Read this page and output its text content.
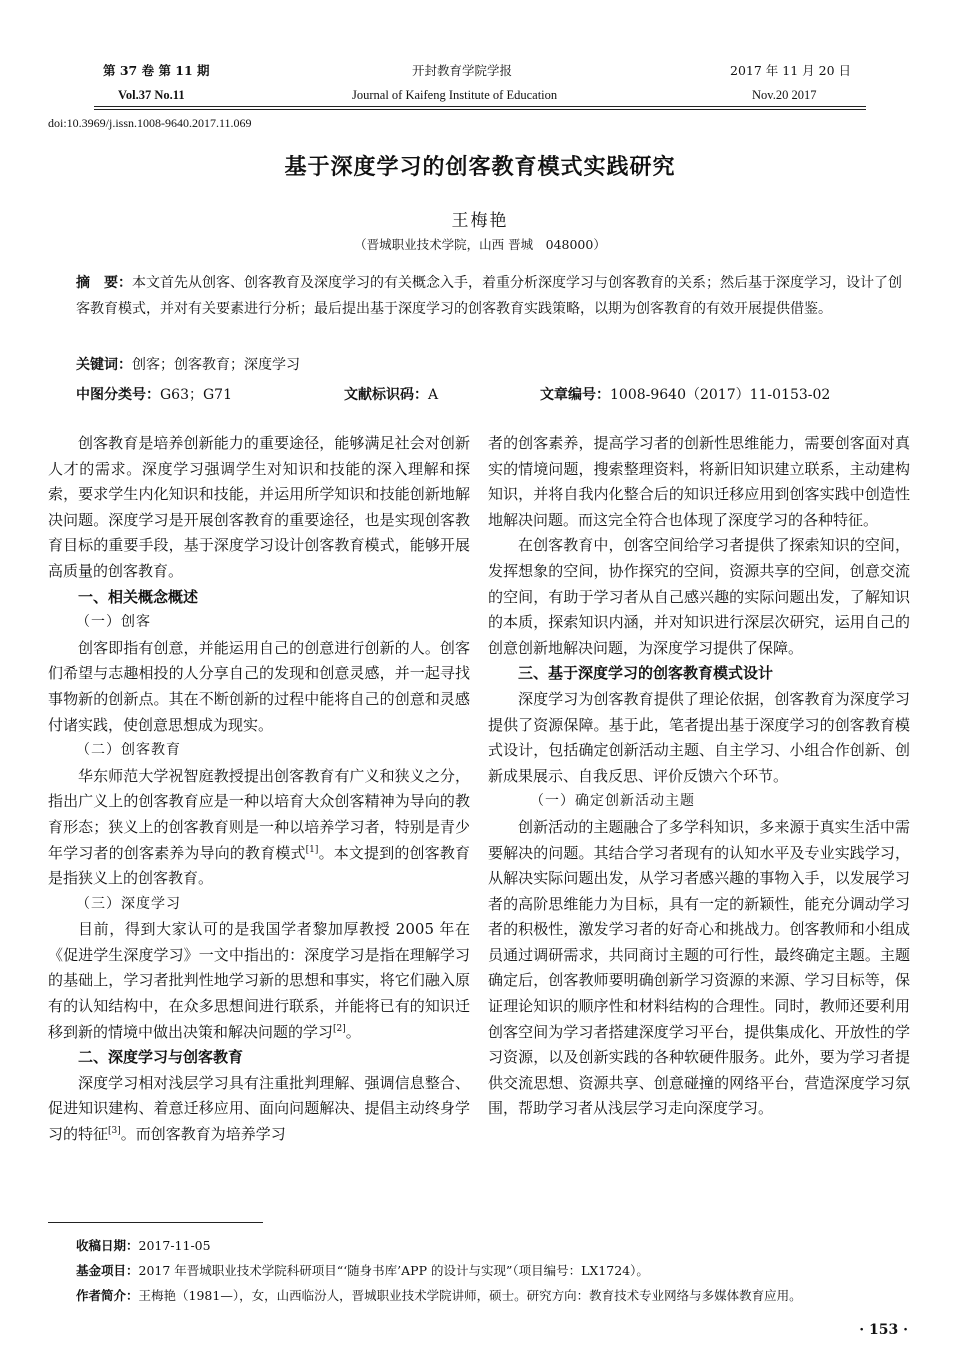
第 37 卷 第 11 期
Vol.37 No.11
开封教育学院学报
Journal of Kaifeng Institute of Education
2017 年 11 月 20 日
Nov.20 2017
doi:10.3969/j.issn.1008-9640.2017.11.069
基于深度学习的创客教育模式实践研究
王梅艳
（晋城职业技术学院，山西 晋城　048000）
摘　要：本文首先从创客、创客教育及深度学习的有关概念入手，着重分析深度学习与创客教育的关系；然后基于深度学习，设计了创客教育模式，并对有关要素进行分析；最后提出基于深度学习的创客教育实践策略，以期为创客教育的有效开展提供借鉴。
关键词：创客；创客教育；深度学习
中图分类号：G63；G71	文献标识码：A	文章编号：1008-9640（2017）11-0153-02

创客教育是培养创新能力的重要途径，能够满足社会对创新人才的需求。深度学习强调学生对知识和技能的深入理解和探索，要求学生内化知识和技能，并运用所学知识和技能创新地解决问题。深度学习是开展创客教育的重要途径，也是实现创客教育目标的重要手段，基于深度学习设计创客教育模式，能够开展高质量的创客教育。

一、相关概念概述
（一）创客

创客即指有创意，并能运用自己的创意进行创新的人。创客们希望与志趣相投的人分享自己的发现和创意灵感，并一起寻找事物新的创新点。其在不断创新的过程中能将自己的创意和灵感付诸实践，使创意思想成为现实。

（二）创客教育

华东师范大学祝智庭教授提出创客教育有广义和狭义之分，指出广义上的创客教育应是一种以培育大众创客精神为导向的教育形态；狭义上的创客教育则是一种以培养学习者，特别是青少年学习者的创客素养为导向的教育模式[1]。本文提到的创客教育是指狭义上的创客教育。

（三）深度学习

目前，得到大家认可的是我国学者黎加厚教授 2005 年在《促进学生深度学习》一文中指出的：深度学习是指在理解学习的基础上，学习者批判性地学习新的思想和事实，将它们融入原有的认知结构中，在众多思想间进行联系，并能将已有的知识迁移到新的情境中做出决策和解决问题的学习[2]。

二、深度学习与创客教育

深度学习相对浅层学习具有注重批判理解、强调信息整合、促进知识建构、着意迁移应用、面向问题解决、提倡主动终身学习的特征[3]。而创客教育为培养学习

者的创客素养，提高学习者的创新性思维能力，需要创客面对真实的情境问题，搜索整理资料，将新旧知识建立联系，主动建构知识，并将自我内化整合后的知识迁移应用到创客实践中创造性地解决问题。而这完全符合也体现了深度学习的各种特征。

在创客教育中，创客空间给学习者提供了探索知识的空间，发挥想象的空间，协作探究的空间，资源共享的空间，创意交流的空间，有助于学习者从自己感兴趣的实际问题出发，了解知识的本质，探索知识内涵，并对知识进行深层次研究，运用自己的创意创新地解决问题，为深度学习提供了保障。

三、基于深度学习的创客教育模式设计

深度学习为创客教育提供了理论依据，创客教育为深度学习提供了资源保障。基于此，笔者提出基于深度学习的创客教育模式设计，包括确定创新活动主题、自主学习、小组合作创新、创新成果展示、自我反思、评价反馈六个环节。

（一）确定创新活动主题

创新活动的主题融合了多学科知识，多来源于真实生活中需要解决的问题。其结合学习者现有的认知水平及专业实践学习，从解决实际问题出发，从学习者感兴趣的事物入手，以发展学习者的高阶思维能力为目标，具有一定的新颖性，能充分调动学习者的积极性，激发学习者的好奇心和挑战力。创客教师和小组成员通过调研需求，共同商讨主题的可行性，最终确定主题。主题确定后，创客教师要明确创新学习资源的来源、学习目标等，保证理论知识的顺序性和材料结构的合理性。同时，教师还要利用创客空间为学习者搭建深度学习平台，提供集成化、开放性的学习资源，以及创新实践的各种软硬件服务。此外，要为学习者提供交流思想、资源共享、创意碰撞的网络平台，营造深度学习氛围，帮助学习者从浅层学习走向深度学习。

收稿日期：2017-11-05
基金项目：2017 年晋城职业技术学院科研项目“‘随身书库’APP 的设计与实现”（项目编号：LX1724）。
作者简介：王梅艳（1981—），女，山西临汾人，晋城职业技术学院讲师，硕士。研究方向：教育技术专业网络与多媒体教育应用。
· 153 ·
